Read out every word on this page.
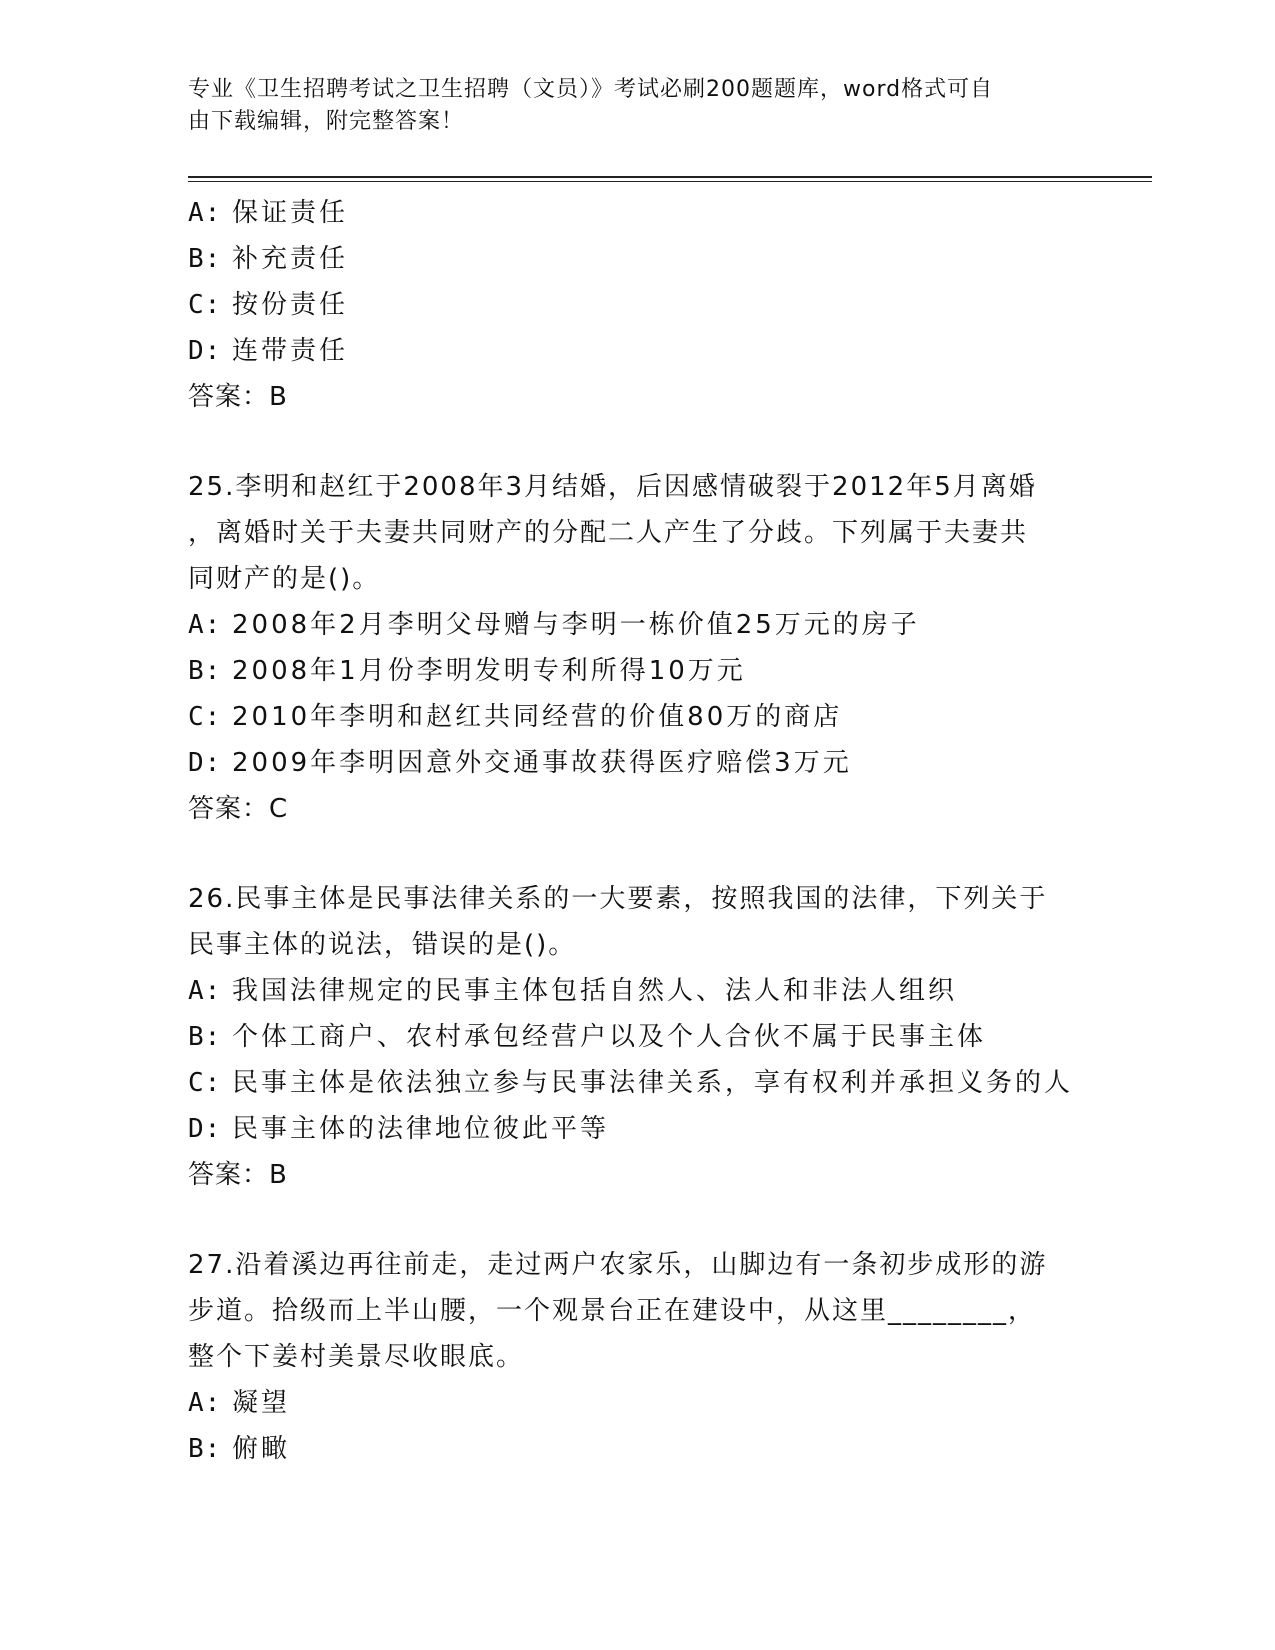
专业《卫生招聘考试之卫生招聘（文员）》考试必刷200题题库，word格式可自
由下载编辑，附完整答案！
A: 保证责任
B: 补充责任
C: 按份责任
D: 连带责任
答案：B
25.李明和赵红于2008年3月结婚，后因感情破裂于2012年5月离婚
，离婚时关于夫妻共同财产的分配二人产生了分歧。下列属于夫妻共
同财产的是()。
A: 2008年2月李明父母赠与李明一栋价值25万元的房子
B: 2008年1月份李明发明专利所得10万元
C: 2010年李明和赵红共同经营的价值80万的商店
D: 2009年李明因意外交通事故获得医疗赔偿3万元
答案：C
26.民事主体是民事法律关系的一大要素，按照我国的法律，下列关于
民事主体的说法，错误的是()。
A: 我国法律规定的民事主体包括自然人、法人和非法人组织
B: 个体工商户、农村承包经营户以及个人合伙不属于民事主体
C: 民事主体是依法独立参与民事法律关系，享有权利并承担义务的人
D: 民事主体的法律地位彼此平等
答案：B
27.沿着溪边再往前走，走过两户农家乐，山脚边有一条初步成形的游
步道。拾级而上半山腰，一个观景台正在建设中，从这里________，
整个下姜村美景尽收眼底。
A: 凝望
B: 俯瞰
